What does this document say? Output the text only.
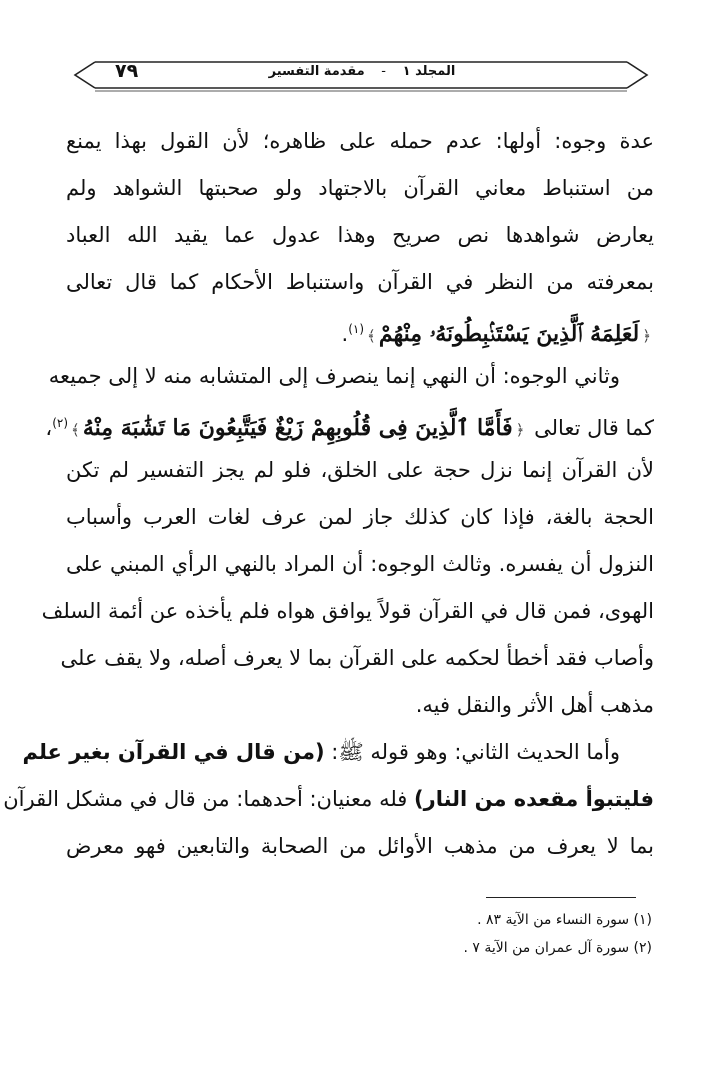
المجلد ١ - مقدمة التفسير
٧٩
عدة وجوه: أولها: عدم حمله على ظاهره؛ لأن القول بهذا يمنع
من استنباط معاني القرآن بالاجتهاد ولو صحبتها الشواهد ولم
يعارض شواهدها نص صريح وهذا عدول عما يقيد الله العباد
بمعرفته من النظر في القرآن واستنباط الأحكام كما قال تعالى
﴿لَعَلِمَهُ ٱلَّذِينَ يَسْتَنۢبِطُونَهُۥ مِنْهُمْ﴾$^{(١)}$.
وثاني الوجوه: أن النهي إنما ينصرف إلى المتشابه منه لا إلى جميعه
كما قال تعالى ﴿فَأَمَّا ٱلَّذِينَ فِى قُلُوبِهِمْ زَيْغٌ فَيَتَّبِعُونَ مَا تَشَٰبَهَ مِنْهُ﴾$^{(٢)}$،
لأن القرآن إنما نزل حجة على الخلق، فلو لم يجز التفسير لم تكن
الحجة بالغة، فإذا كان كذلك جاز لمن عرف لغات العرب وأسباب
النزول أن يفسره. وثالث الوجوه: أن المراد بالنهي الرأي المبني على
الهوى، فمن قال في القرآن قولاً يوافق هواه فلم يأخذه عن أئمة السلف
وأصاب فقد أخطأ لحكمه على القرآن بما لا يعرف أصله، ولا يقف على
مذهب أهل الأثر والنقل فيه.
وأما الحديث الثاني: وهو قوله ﷺ: (من قال في القرآن بغير علم
فليتبوأ مقعده من النار) فله معنيان: أحدهما: من قال في مشكل القرآن
بما لا يعرف من مذهب الأوائل من الصحابة والتابعين فهو معرض
(١) سورة النساء من الآية ٨٣ .
(٢) سورة آل عمران من الآية ٧ .
